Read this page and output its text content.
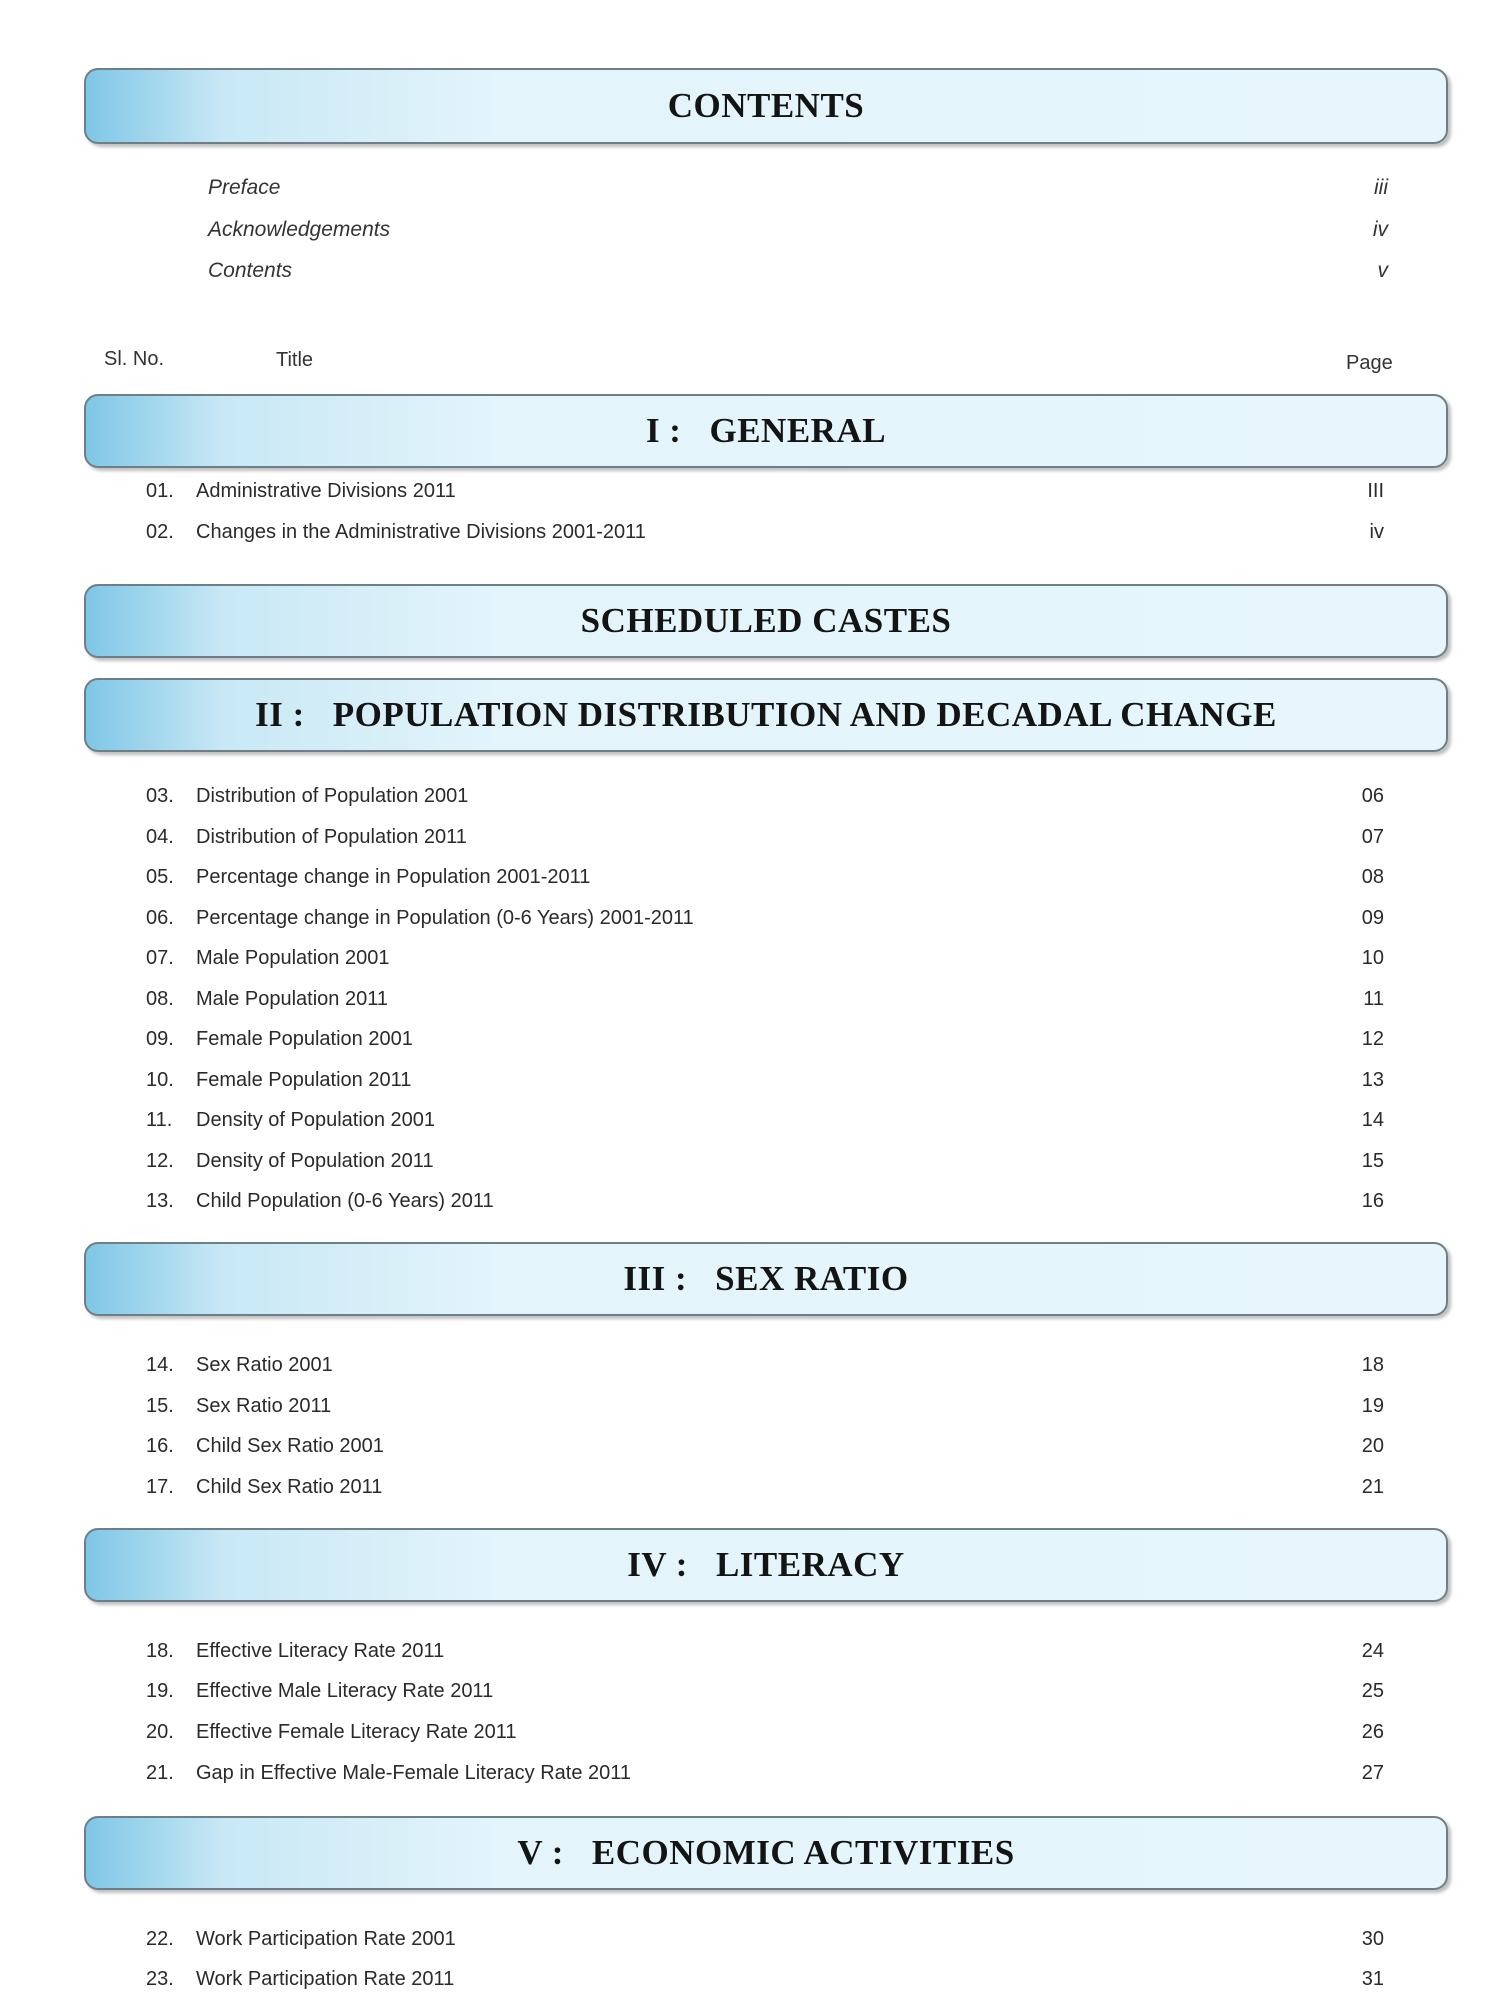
CONTENTS
Preface	iii
Acknowledgements	iv
Contents	v
Sl. No.	Title	Page
I : GENERAL
01.	Administrative Divisions 2011	III
02.	Changes in the Administrative Divisions 2001-2011	iv
SCHEDULED CASTES
II : POPULATION DISTRIBUTION AND DECADAL CHANGE
03.	Distribution of Population 2001	06
04.	Distribution of Population 2011	07
05.	Percentage change in Population 2001-2011	08
06.	Percentage change in Population (0-6 Years) 2001-2011	09
07.	Male Population 2001	10
08.	Male Population 2011	11
09.	Female Population 2001	12
10.	Female Population 2011	13
11.	Density of Population 2001	14
12.	Density of Population 2011	15
13.	Child Population (0-6 Years) 2011	16
III : SEX RATIO
14.	Sex Ratio 2001	18
15.	Sex Ratio 2011	19
16.	Child Sex Ratio 2001	20
17.	Child Sex Ratio 2011	21
IV : LITERACY
18.	Effective Literacy Rate 2011	24
19.	Effective Male Literacy Rate 2011	25
20.	Effective Female Literacy Rate 2011	26
21.	Gap in Effective Male-Female Literacy Rate 2011	27
V : ECONOMIC ACTIVITIES
22.	Work Participation Rate 2001	30
23.	Work Participation Rate 2011	31
